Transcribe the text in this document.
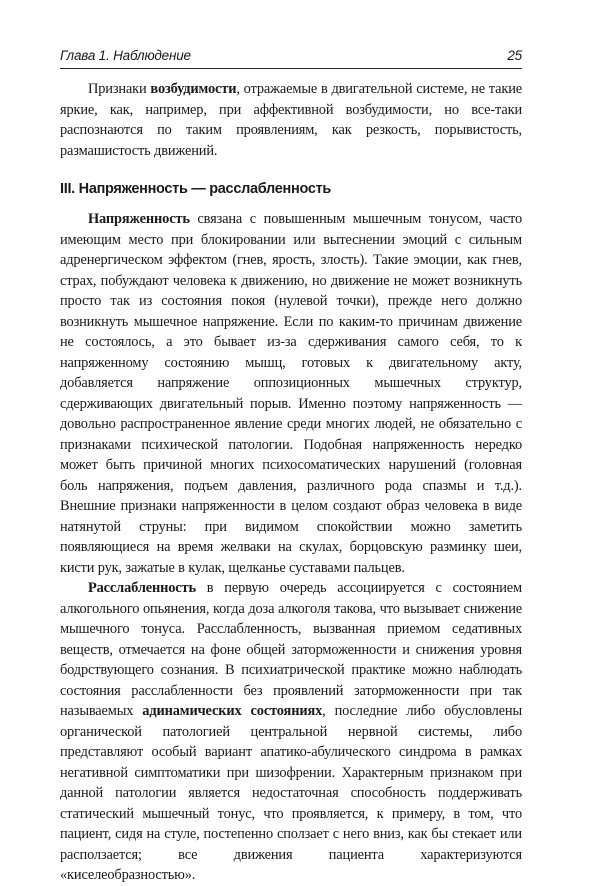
Глава 1. Наблюдение	25

Признаки возбудимости, отражаемые в двигательной системе, не такие яркие, как, например, при аффективной возбудимости, но все-таки распознаются по таким проявлениям, как резкость, порывистость, размашистость движений.

III. Напряженность — расслабленность

Напряженность связана с повышенным мышечным тонусом, часто имеющим место при блокировании или вытеснении эмоций с сильным адренергическом эффектом (гнев, ярость, злость). Такие эмоции, как гнев, страх, побуждают человека к движению, но движение не может возникнуть просто так из состояния покоя (нулевой точки), прежде него должно возникнуть мышечное напряжение. Если по каким-то причинам движение не состоялось, а это бывает из-за сдерживания самого себя, то к напряженному состоянию мышц, готовых к двигательному акту, добавляется напряжение оппозиционных мышечных структур, сдерживающих двигательный порыв. Именно поэтому напряженность — довольно распространенное явление среди многих людей, не обязательно с признаками психической патологии. Подобная напряженность нередко может быть причиной многих психосоматических нарушений (головная боль напряжения, подъем давления, различного рода спазмы и т.д.). Внешние признаки напряженности в целом создают образ человека в виде натянутой струны: при видимом спокойствии можно заметить появляющиеся на время желваки на скулах, борцовскую разминку шеи, кисти рук, зажатые в кулак, щелканье суставами пальцев.

Расслабленность в первую очередь ассоциируется с состоянием алкогольного опьянения, когда доза алкоголя такова, что вызывает снижение мышечного тонуса. Расслабленность, вызванная приемом седативных веществ, отмечается на фоне общей заторможенности и снижения уровня бодрствующего сознания. В психиатрической практике можно наблюдать состояния расслабленности без проявлений заторможенности при так называемых адинамических состояниях, последние либо обусловлены органической патологией центральной нервной системы, либо представляют особый вариант апатико-абулического синдрома в рамках негативной симптоматики при шизофрении. Характерным признаком при данной патологии является недостаточная способность поддерживать статический мышечный тонус, что проявляется, к примеру, в том, что пациент, сидя на стуле, постепенно сползает с него вниз, как бы стекает или расползается; все движения пациента характеризуются «киселеобразностью».
